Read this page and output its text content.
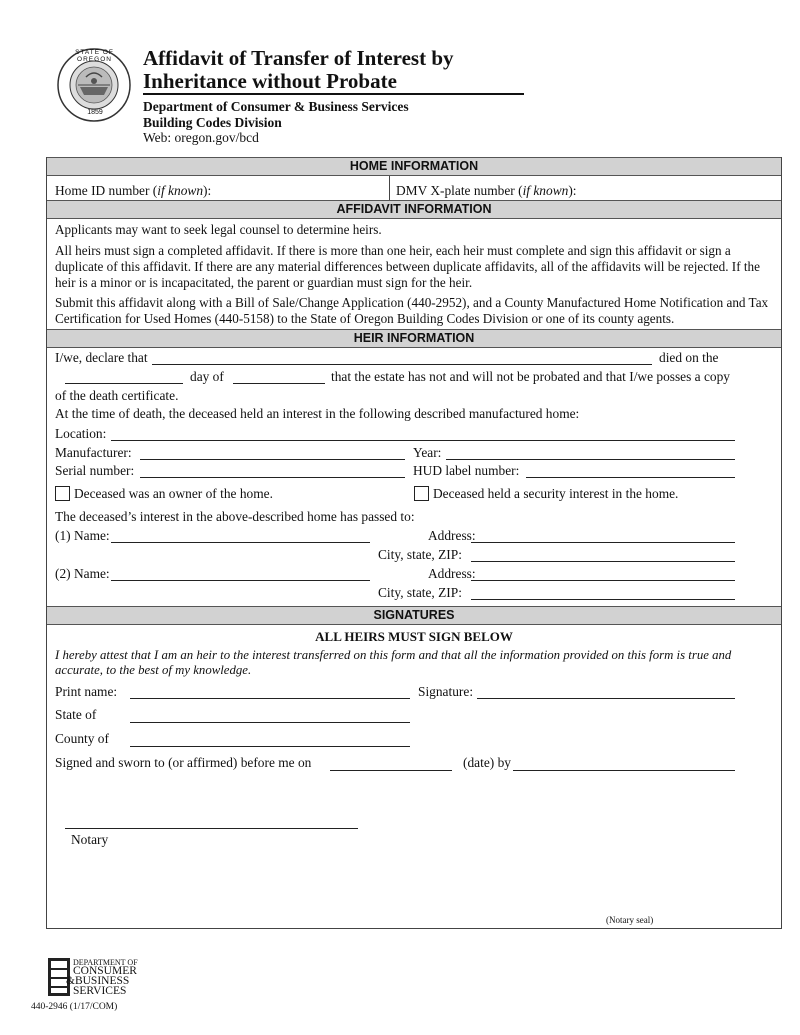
STATE OF OREGON
1859
Affidavit of Transfer of Interest by
Inheritance without Probate
Department of Consumer & Business Services
Building Codes Division
Web: oregon.gov/bcd
HOME INFORMATION
Home ID number (if known):	DMV X-plate number (if known):
AFFIDAVIT INFORMATION
Applicants may want to seek legal counsel to determine heirs.
All heirs must sign a completed affidavit. If there is more than one heir, each heir must complete and sign this affidavit or sign a duplicate of this affidavit. If there are any material differences between duplicate affidavits, all of the affidavits will be rejected. If the heir is a minor or is incapacitated, the parent or guardian must sign for the heir.
Submit this affidavit along with a Bill of Sale/Change Application (440-2952), and a County Manufactured Home Notification and Tax Certification for Used Homes (440-5158) to the State of Oregon Building Codes Division or one of its county agents.
HEIR INFORMATION
I/we, declare that	died on the
day of	that the estate has not and will not be probated and that I/we posses a copy
of the death certificate.
At the time of death, the deceased held an interest in the following described manufactured home:
Location:
Manufacturer:	Year:
Serial number:	HUD label number:
Deceased was an owner of the home.	Deceased held a security interest in the home.
The deceased’s interest in the above-described home has passed to:
(1) Name:	Address:
City, state, ZIP:
(2) Name:	Address:
City, state, ZIP:
SIGNATURES
ALL HEIRS MUST SIGN BELOW
I hereby attest that I am an heir to the interest transferred on this form and that all the information provided on this form is true and accurate, to the best of my knowledge.
Print name:	Signature:
State of
County of
Signed and sworn to (or affirmed) before me on	(date) by
Notary
(Notary seal)
DEPARTMENT OF
CONSUMER
&BUSINESS
SERVICES
440-2946 (1/17/COM)
